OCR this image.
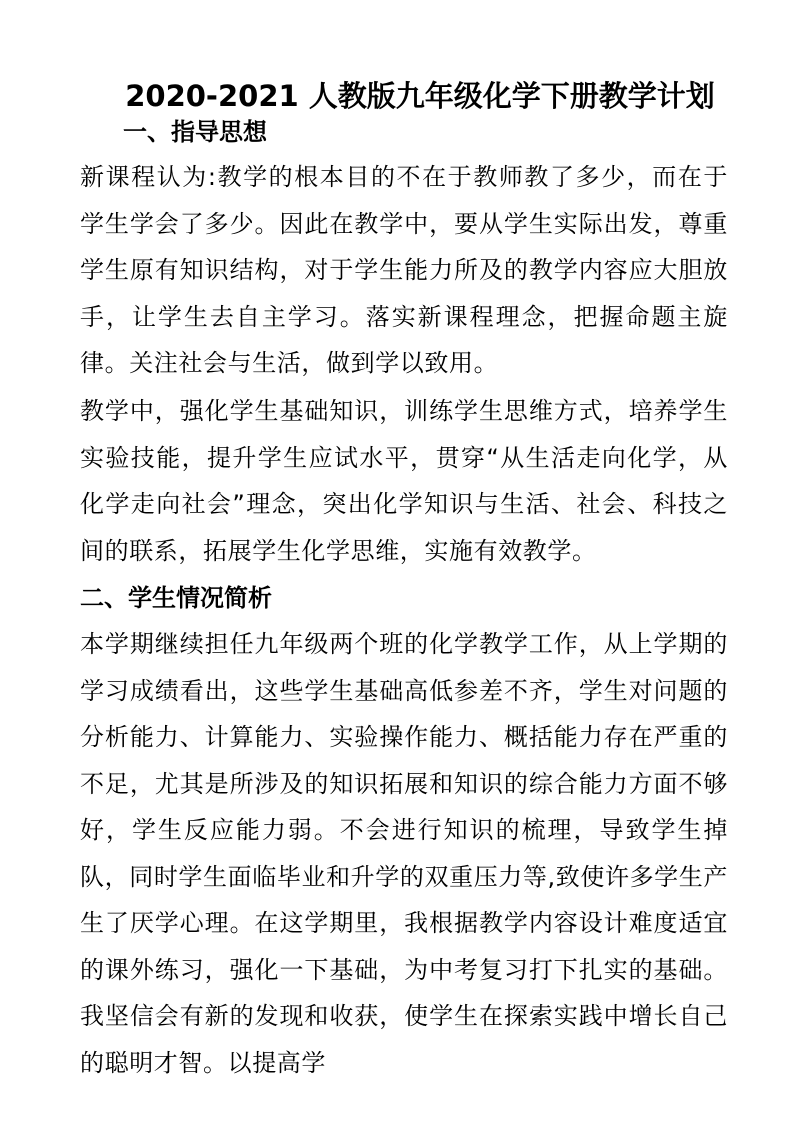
2020-2021 人教版九年级化学下册教学计划
一、指导思想

新课程认为:教学的根本目的不在于教师教了多少，而在于学生学会了多少。因此在教学中，要从学生实际出发，尊重学生原有知识结构，对于学生能力所及的教学内容应大胆放手，让学生去自主学习。落实新课程理念，把握命题主旋律。关注社会与生活，做到学以致用。

教学中，强化学生基础知识，训练学生思维方式，培养学生实验技能，提升学生应试水平，贯穿“从生活走向化学，从化学走向社会”理念，突出化学知识与生活、社会、科技之间的联系，拓展学生化学思维，实施有效教学。

二、学生情况简析

本学期继续担任九年级两个班的化学教学工作，从上学期的学习成绩看出，这些学生基础高低参差不齐，学生对问题的分析能力、计算能力、实验操作能力、概括能力存在严重的不足，尤其是所涉及的知识拓展和知识的综合能力方面不够好，学生反应能力弱。不会进行知识的梳理，导致学生掉队，同时学生面临毕业和升学的双重压力等,致使许多学生产生了厌学心理。在这学期里，我根据教学内容设计难度适宜的课外练习，强化一下基础，为中考复习打下扎实的基础。我坚信会有新的发现和收获，使学生在探索实践中增长自己的聪明才智。以提高学
